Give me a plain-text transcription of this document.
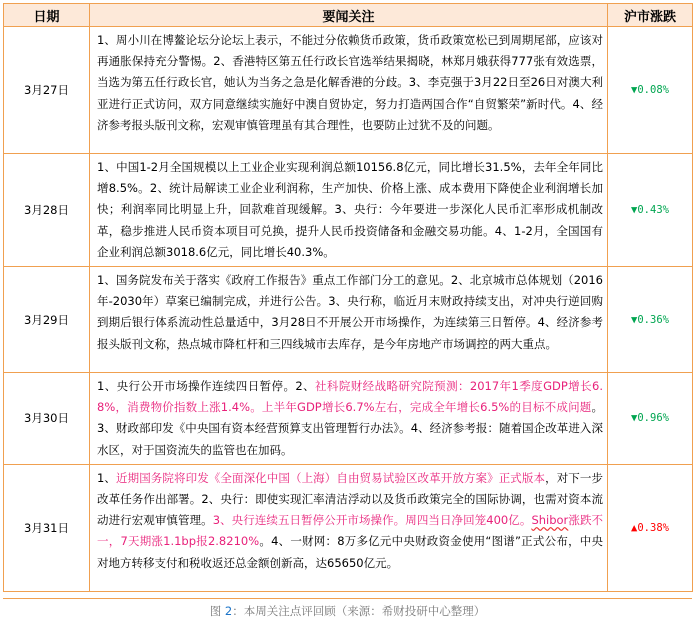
日期	要闻关注	沪市涨跌
3月27日	1、周小川在博鳌论坛分论坛上表示，不能过分依赖货币政策，货币政策宽松已到周期尾部，应该对再通胀保持充分警惕。2、香港特区第五任行政长官选举结果揭晓，林郑月娥获得777张有效选票，当选为第五任行政长官，她认为当务之急是化解香港的分歧。3、李克强于3月22日至26日对澳大利亚进行正式访问，双方同意继续实施好中澳自贸协定，努力打造两国合作“自贸繁荣”新时代。4、经济参考报头版刊文称，宏观审慎管理虽有其合理性，也要防止过犹不及的问题。	▼0.08%
3月28日	1、中国1-2月全国规模以上工业企业实现利润总额10156.8亿元，同比增长31.5%，去年全年同比增8.5%。2、统计局解读工业企业利润称，生产加快、价格上涨、成本费用下降使企业利润增长加快；利润率同比明显上升，回款难首现缓解。3、央行：今年要进一步深化人民币汇率形成机制改革，稳步推进人民币资本项目可兑换，提升人民币投资储备和金融交易功能。4、1-2月，全国国有企业利润总额3018.6亿元，同比增长40.3%。	▼0.43%
3月29日	1、国务院发布关于落实《政府工作报告》重点工作部门分工的意见。2、北京城市总体规划（2016年-2030年）草案已编制完成，并进行公告。3、央行称，临近月末财政持续支出，对冲央行逆回购到期后银行体系流动性总量适中，3月28日不开展公开市场操作，为连续第三日暂停。4、经济参考报头版刊文称，热点城市降杠杆和三四线城市去库存，是今年房地产市场调控的两大重点。	▼0.36%
3月30日	1、央行公开市场操作连续四日暂停。2、社科院财经战略研究院预测：2017年1季度GDP增长6.8%，消费物价指数上涨1.4%。上半年GDP增长6.7%左右，完成全年增长6.5%的目标不成问题。3、财政部印发《中央国有资本经营预算支出管理暂行办法》。4、经济参考报：随着国企改革进入深水区，对于国资流失的监管也在加码。	▼0.96%
3月31日	1、近期国务院将印发《全面深化中国（上海）自由贸易试验区改革开放方案》正式版本，对下一步改革任务作出部署。2、央行：即使实现汇率清洁浮动以及货币政策完全的国际协调，也需对资本流动进行宏观审慎管理。3、央行连续五日暂停公开市场操作。周四当日净回笼400亿。Shibor涨跌不一，7天期涨1.1bp报2.8210%。4、一财网：8万多亿元中央财政资金使用“图谱”正式公布，中央对地方转移支付和税收返还总金额创新高，达65650亿元。	▲0.38%
图 2：本周关注点评回顾（来源：希财投研中心整理）
